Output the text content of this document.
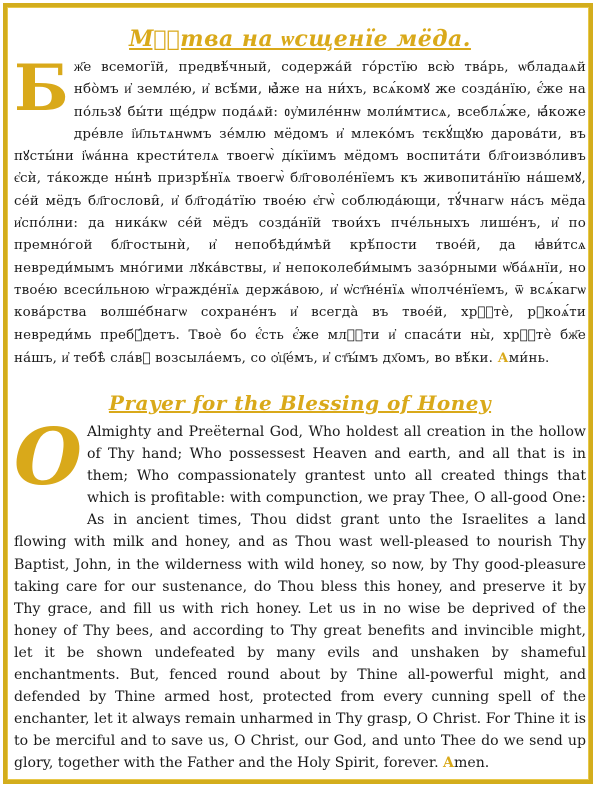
Мⷧ҇тва на ѡсщенїе мёда.
Бж҃е всемогїй, предвѣ́чный, содержа́й го́рстїю всю̀ тва́рь, ѡбладаѧй нбо̀мъ и҆ землéю, и҆ всѣ́ми, ꙗ҆̀же на ни́хъ, всѧ́комꙋ же созда́нїю, є҆́же на по́льзꙋ бы́ти щéдрѡ пода́ѧй: ᲂу҆милéннѡ моли́мтисѧ, всеблѧ́же, ꙗ҆́коже дрéвле і҆и҃льтѧнѡмъ зéмлю мёдомъ и҆ млекóмъ тєкꙋ́щꙋю дарова́ти, въ пꙋсты́ни і҆ѡа́нна крести́телѧ твоегѡ̀ ді́кїимъ мёдомъ воспита́ти бл҃гоизво́ливъ є҆сѝ, та́кожде ны́нѣ призрѣ́нїѧ твоегѡ̀ бл҃говолéнїемъ къ живопита́нїю на́шемꙋ, сéй мёдъ бл҃гослови̑, и҆ бл҃года́тїю твоéю є҆гѡ̀ соблюда́ющи, тꙋ́чнагѡ на́съ мёда и҆спóлни: да ника́кѡ сéй мёдъ созда́нїй твои́хъ пчéльныхъ лишéнъ, и҆ по премнóгой бл҃гостынѝ, и҆ непобѣди́мѣй крѣ́пости твоéй, да ꙗ҆ви́тсѧ невреди́мымъ мнóгими лꙋка́вствы, и҆ непоколеби́мымъ зазóрными ѡ҆ба́ѧнїи, но твоéю всеси́льною ѡ҆граждéнїѧ держа́вою, и҆ ѡ҆ст҃нéнїѧ ѡ҆полчéнїемъ, ѿ всѧ́кагѡ кова́рства волшéбнагѡ сохранéнъ и҆ всегда̀ въ твоéй, хрⷭ҇тѐ, рꙋкоѧ́ти невреди́мь пребꙋ́детъ. Твоѐ бо є҆́сть є҆́же млⷭ҇ти и҆ спаса́ти ны̀, хрⷭ҇тѐ бж҃е на́шъ, и҆ тебѣ̀ сла́вꙋ возсыла́емъ, со ѻ҆ц҃éмъ, и҆ ст҃ы́мъ дх҃омъ, во вѣ́ки. Ами́нь.
Prayer for the Blessing of Honey
O Almighty and Preëternal God, Who holdest all creation in the hollow of Thy hand; Who possessest Heaven and earth, and all that is in them; Who compassionately grantest unto all created things that which is profitable: with compunction, we pray Thee, O all-good One: As in ancient times, Thou didst grant unto the Israelites a land flowing with milk and honey, and as Thou wast well-pleased to nourish Thy Baptist, John, in the wilderness with wild honey, so now, by Thy good-pleasure taking care for our sustenance, do Thou bless this honey, and preserve it by Thy grace, and fill us with rich honey. Let us in no wise be deprived of the honey of Thy bees, and according to Thy great benefits and invincible might, let it be shown undefeated by many evils and unshaken by shameful enchantments. But, fenced round about by Thine all-powerful might, and defended by Thine armed host, protected from every cunning spell of the enchanter, let it always remain unharmed in Thy grasp, O Christ. For Thine it is to be merciful and to save us, O Christ, our God, and unto Thee do we send up glory, together with the Father and the Holy Spirit, forever. Amen.
